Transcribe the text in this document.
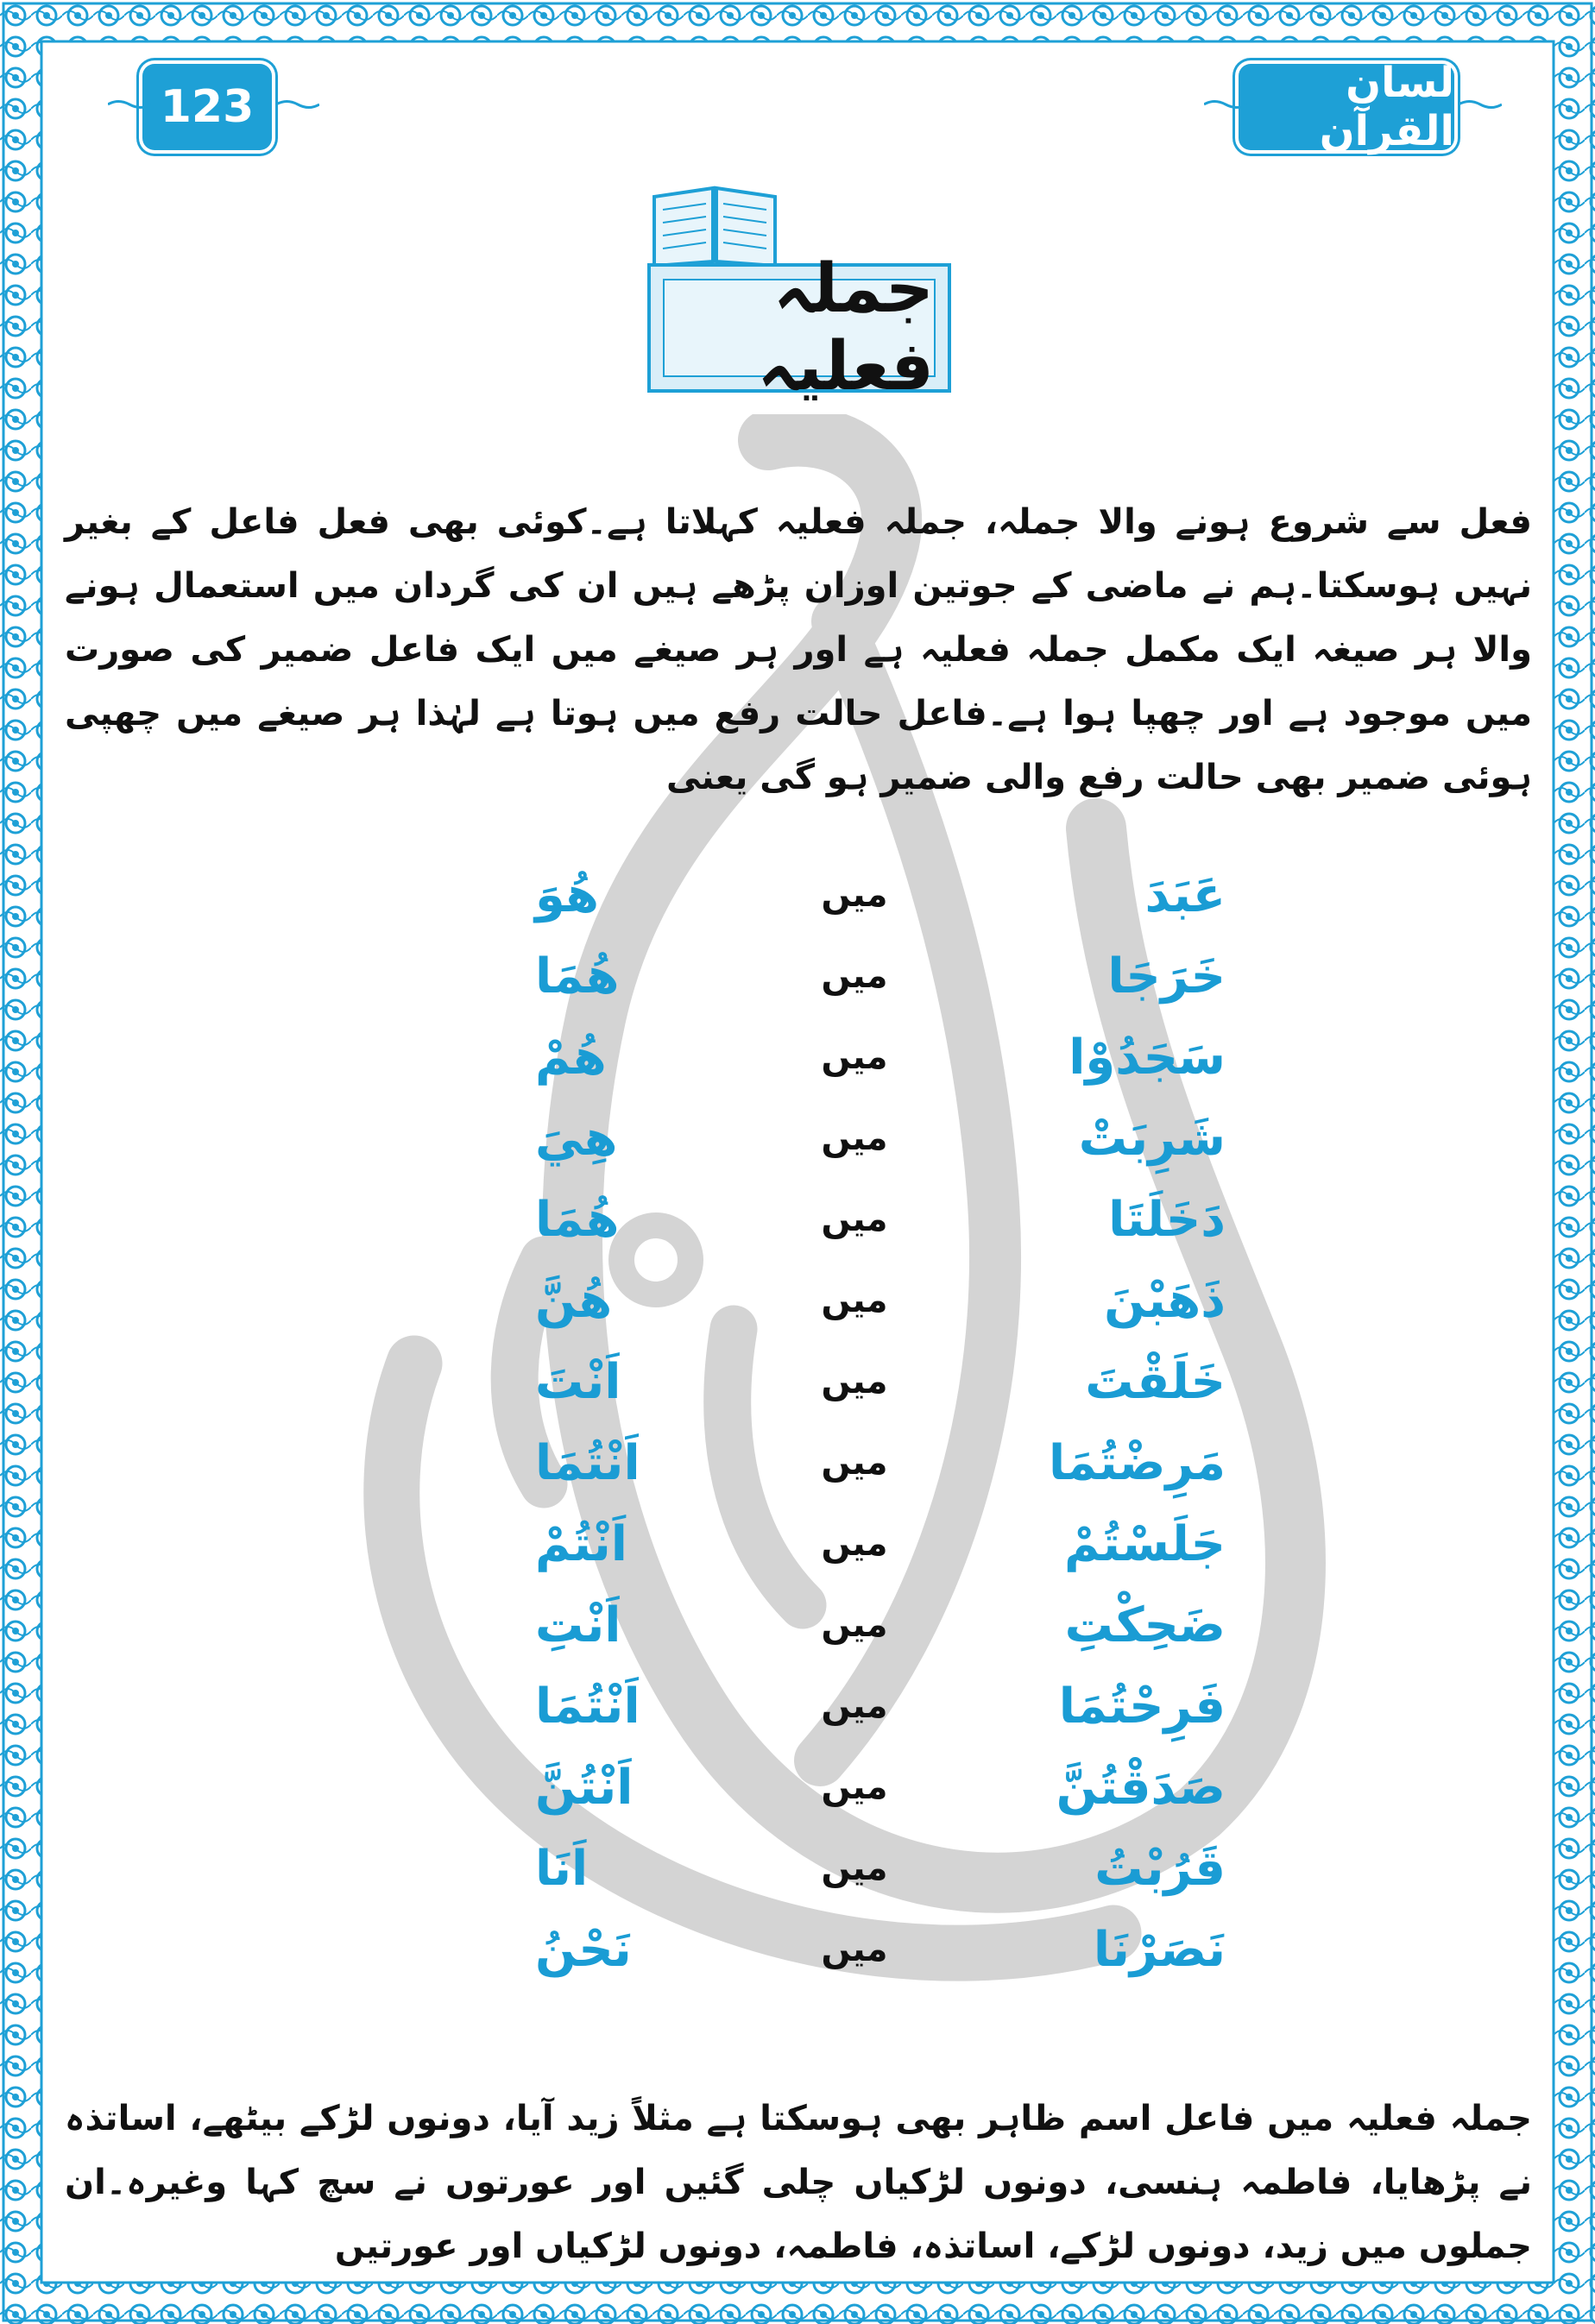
123	لسان القرآن
جملہ فعلیہ

فعل سے شروع ہونے والا جملہ، جملہ فعلیہ کہلاتا ہے۔کوئی بھی فعل فاعل کے بغیر نہیں ہوسکتا۔ہم نے ماضی کے جوتین اوزان پڑھے ہیں ان کی گردان میں استعمال ہونے والا ہر صیغہ ایک مکمل جملہ فعلیہ ہے اور ہر صیغے میں ایک فاعل ضمیر کی صورت میں موجود ہے اور چھپا ہوا ہے۔فاعل حالت رفع میں ہوتا ہے لہٰذا ہر صیغے میں چھپی ہوئی ضمیر بھی حالت رفع والی ضمیر ہو گی یعنی

عَبَدَ
میں
هُوَ
خَرَجَا
میں
هُمَا
سَجَدُوْا
میں
هُمْ
شَرِبَتْ
میں
هِيَ
دَخَلَتَا
میں
هُمَا
ذَهَبْنَ
میں
هُنَّ
خَلَقْتَ
میں
اَنْتَ
مَرِضْتُمَا
میں
اَنْتُمَا
جَلَسْتُمْ
میں
اَنْتُمْ
ضَحِكْتِ
میں
اَنْتِ
فَرِحْتُمَا
میں
اَنْتُمَا
صَدَقْتُنَّ
میں
اَنْتُنَّ
قَرُبْتُ
میں
اَنَا
نَصَرْنَا
میں
نَحْنُ

جملہ فعلیہ میں فاعل اسم ظاہر بھی ہوسکتا ہے مثلاً زید آیا، دونوں لڑکے بیٹھے، اساتذہ نے پڑھایا، فاطمہ ہنسی، دونوں لڑکیاں چلی گئیں اور عورتوں نے سچ کہا وغیرہ۔ان جملوں میں زید، دونوں لڑکے، اساتذہ، فاطمہ، دونوں لڑکیاں اور عورتیں
